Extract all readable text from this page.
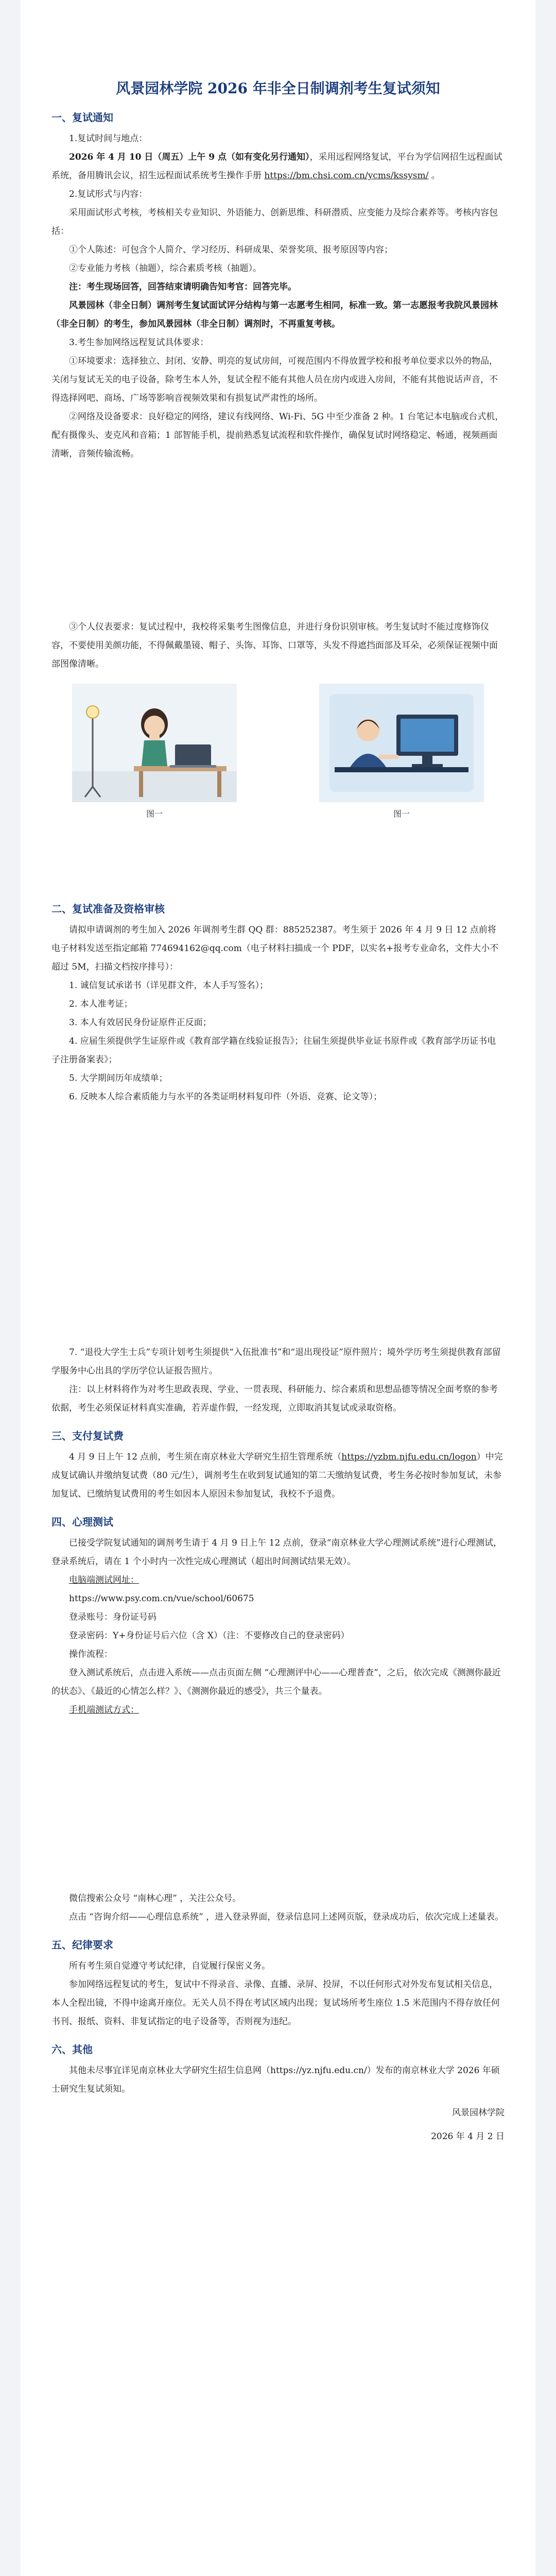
风景园林学院 2026 年非全日制调剂考生复试须知
一、复试通知

1.复试时间与地点：

2026 年 4 月 10 日（周五）上午 9 点（如有变化另行通知），采用远程网络复试，平台为学信网招生远程面试系统，备用腾讯会议，招生远程面试系统考生操作手册 https://bm.chsi.com.cn/ycms/kssysm/ 。

2.复试形式与内容：

采用面试形式考核，考核相关专业知识、外语能力、创新思维、科研潜质、应变能力及综合素养等。考核内容包括：

①个人陈述：可包含个人简介、学习经历、科研成果、荣誉奖项、报考原因等内容；

②专业能力考核（抽题），综合素质考核（抽题）。

注：考生现场回答，回答结束请明确告知考官：回答完毕。

风景园林（非全日制）调剂考生复试面试评分结构与第一志愿考生相同，标准一致。第一志愿报考我院风景园林（非全日制）的考生，参加风景园林（非全日制）调剂时，不再重复考核。

3.考生参加网络远程复试具体要求：

①环境要求：选择独立、封闭、安静、明亮的复试房间，可视范围内不得放置学校和报考单位要求以外的物品，关闭与复试无关的电子设备，除考生本人外，复试全程不能有其他人员在房内或进入房间，不能有其他说话声音，不得选择网吧、商场、广场等影响音视频效果和有损复试严肃性的场所。

②网络及设备要求：良好稳定的网络，建议有线网络、Wi-Fi、5G 中至少准备 2 种。1 台笔记本电脑或台式机，配有摄像头、麦克风和音箱；1 部智能手机，提前熟悉复试流程和软件操作，确保复试时网络稳定、畅通，视频画面清晰，音频传输流畅。

③个人仪表要求：复试过程中，我校将采集考生图像信息，并进行身份识别审核。考生复试时不能过度修饰仪容，不要使用美颜功能，不得佩戴墨镜、帽子、头饰、耳饰、口罩等，头发不得遮挡面部及耳朵，必须保证视频中面部图像清晰。

图一	图一
二、复试准备及资格审核

请拟申请调剂的考生加入 2026 年调剂考生群 QQ 群：885252387。考生须于 2026 年 4 月 9 日 12 点前将电子材料发送至指定邮箱 774694162@qq.com（电子材料扫描成一个 PDF，以实名+报考专业命名，文件大小不超过 5M，扫描文档按序排号）：

1. 诚信复试承诺书（详见群文件，本人手写签名）；

2. 本人准考证；

3. 本人有效居民身份证原件正反面；

4. 应届生须提供学生证原件或《教育部学籍在线验证报告》；往届生须提供毕业证书原件或《教育部学历证书电子注册备案表》；

5. 大学期间历年成绩单；

6. 反映本人综合素质能力与水平的各类证明材料复印件（外语、竞赛、论文等）；

7. “退役大学生士兵”专项计划考生须提供“入伍批准书”和“退出现役证”原件照片；境外学历考生须提供教育部留学服务中心出具的学历学位认证报告照片。

注：以上材料将作为对考生思政表现、学业、一贯表现、科研能力、综合素质和思想品德等情况全面考察的参考依据，考生必须保证材料真实准确，若弄虚作假，一经发现，立即取消其复试或录取资格。

三、支付复试费

4 月 9 日上午 12 点前，考生须在南京林业大学研究生招生管理系统（https://yzbm.njfu.edu.cn/logon）中完成复试确认并缴纳复试费（80 元/生），调剂考生在收到复试通知的第二天缴纳复试费，考生务必按时参加复试，未参加复试、已缴纳复试费用的考生如因本人原因未参加复试，我校不予退费。

四、心理测试

已接受学院复试通知的调剂考生请于 4 月 9 日上午 12 点前，登录“南京林业大学心理测试系统”进行心理测试，登录系统后，请在 1 个小时内一次性完成心理测试（超出时间测试结果无效）。

电脑端测试网址：

https://www.psy.com.cn/vue/school/60675

登录账号：身份证号码

登录密码：Y+身份证号后六位（含 X）（注：不要修改自己的登录密码）

操作流程：

登入测试系统后，点击进入系统——点击页面左侧 “心理测评中心——心理普查”，之后，依次完成《测测你最近的状态》、《最近的心情怎么样？》、《测测你最近的感受》，共三个量表。

手机端测试方式：

微信搜索公众号 “南林心理” ，关注公众号。

点击 “咨询介绍——心理信息系统” ，进入登录界面，登录信息同上述网页版，登录成功后，依次完成上述量表。

五、纪律要求

所有考生须自觉遵守考试纪律，自觉履行保密义务。

参加网络远程复试的考生，复试中不得录音、录像、直播、录屏、投屏，不以任何形式对外发布复试相关信息，本人全程出镜，不得中途离开座位。无关人员不得在考试区域内出现；复试场所考生座位 1.5 米范围内不得存放任何书刊、报纸、资料、非复试指定的电子设备等，否则视为违纪。

六、其他

其他未尽事宜详见南京林业大学研究生招生信息网（https://yz.njfu.edu.cn/）发布的南京林业大学 2026 年硕士研究生复试须知。

风景园林学院
2026 年 4 月 2 日
